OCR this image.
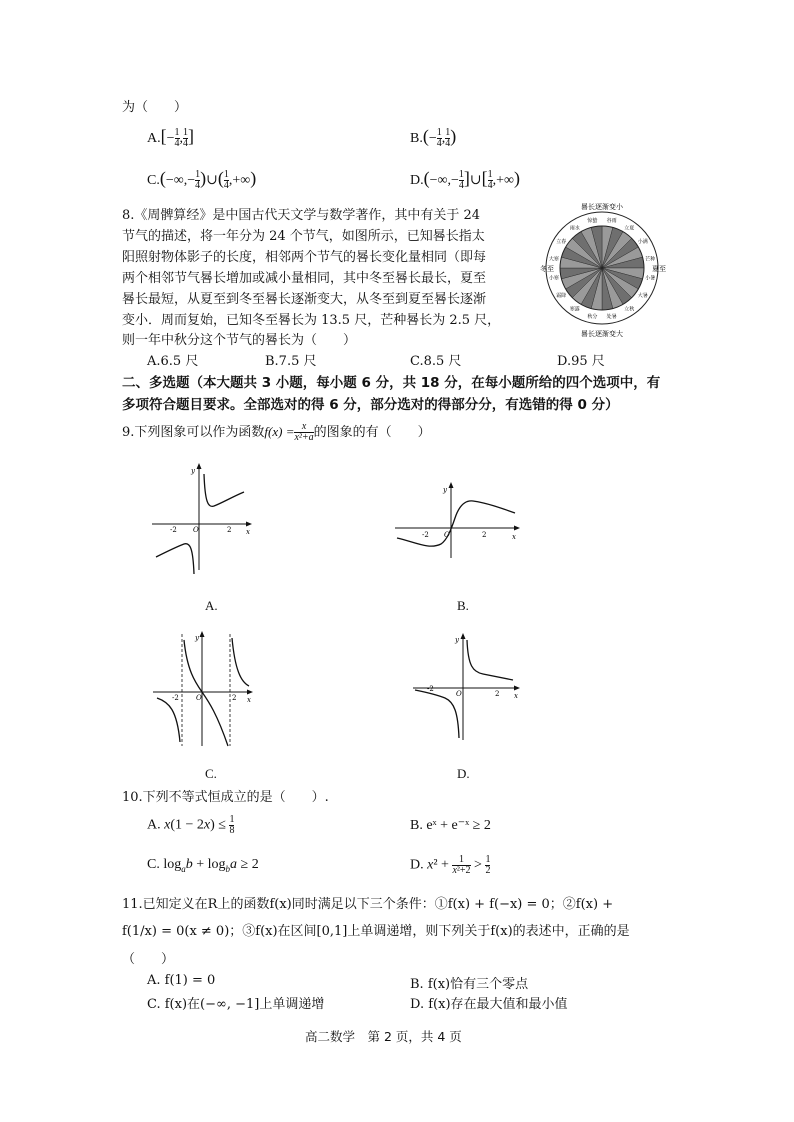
为（　　）
$A.[- \frac{1}{4}$ , $\frac{1}{4}$ ]	$B.(- \frac{1}{4}$ , $\frac{1}{4}$ )
$C.(-\infty,- \frac{1}{4}$ )∪( $\frac{1}{4}$ ,+∞)	$D.(-\infty,- \frac{1}{4}$ ]∪[ $\frac{1}{4}$ ,+∞)
8.《周髀算经》是中国古代天文学与数学著作，其中有关于 24
节气的描述，将一年分为 24 个节气，如图所示，已知晷长指太
阳照射物体影子的长度，相邻两个节气的晷长变化量相同（即每
两个相邻节气晷长增加或减小量相同，其中冬至晷长最长，夏至
晷长最短，从夏至到冬至晷长逐渐变大，从冬至到夏至晷长逐渐
变小．周而复始，已知冬至晷长为 13.5 尺，芒种晷长为 2.5 尺，
则一年中秋分这个节气的晷长为（　　）
A.6.5 尺	B.7.5 尺	C.8.5 尺	D.95 尺
晷长逐渐变小
晷长逐渐变大
冬至	夏至
谷雨
立夏
小满
芒种
小暑
大暑
立秋
处暑
秋分
寒露
霜降
小寒
大寒
立春
雨水
惊蛰
二、多选题（本大题共 3 小题，每小题 6 分，共 18 分，在每小题所给的四个选项中，有
多项符合题目要求。全部选对的得 6 分，部分选对的得部分分，有选错的得 0 分）
9.下列图象可以作为函数$f(x) = \frac{x}{\text{x²+a}}$ 的图象的有（　　）
y
x
O
-2	2
A.
y
x
O
-2	2
B.
y
x
O
-2	2
C.
y
x
O
-2
2
D.
10.下列不等式恒成立的是（　　）.
A. $x(1 - 2x) \le \frac{1}{8}$	B. eˣ + e⁻ˣ ≥ 2
C. $\log_ab + \log_ba \ge 2$	D. $x^2 + \frac{1}{\text{x²+2}} > \frac{1}{2}$
11.已知定义在R上的函数f(x)同时满足以下三个条件：①f(x) + f(−x) = 0；②f(x) +
f(1/x) = 0(x ≠ 0)；③f(x)在区间[0,1]上单调递增，则下列关于f(x)的表述中，正确的是
（　　）
A. f(1) = 0	B. f(x)恰有三个零点
C. f(x)在(−∞, −1]上单调递增	D. f(x)存在最大值和最小值
高二数学　第 2 页，共 4 页
